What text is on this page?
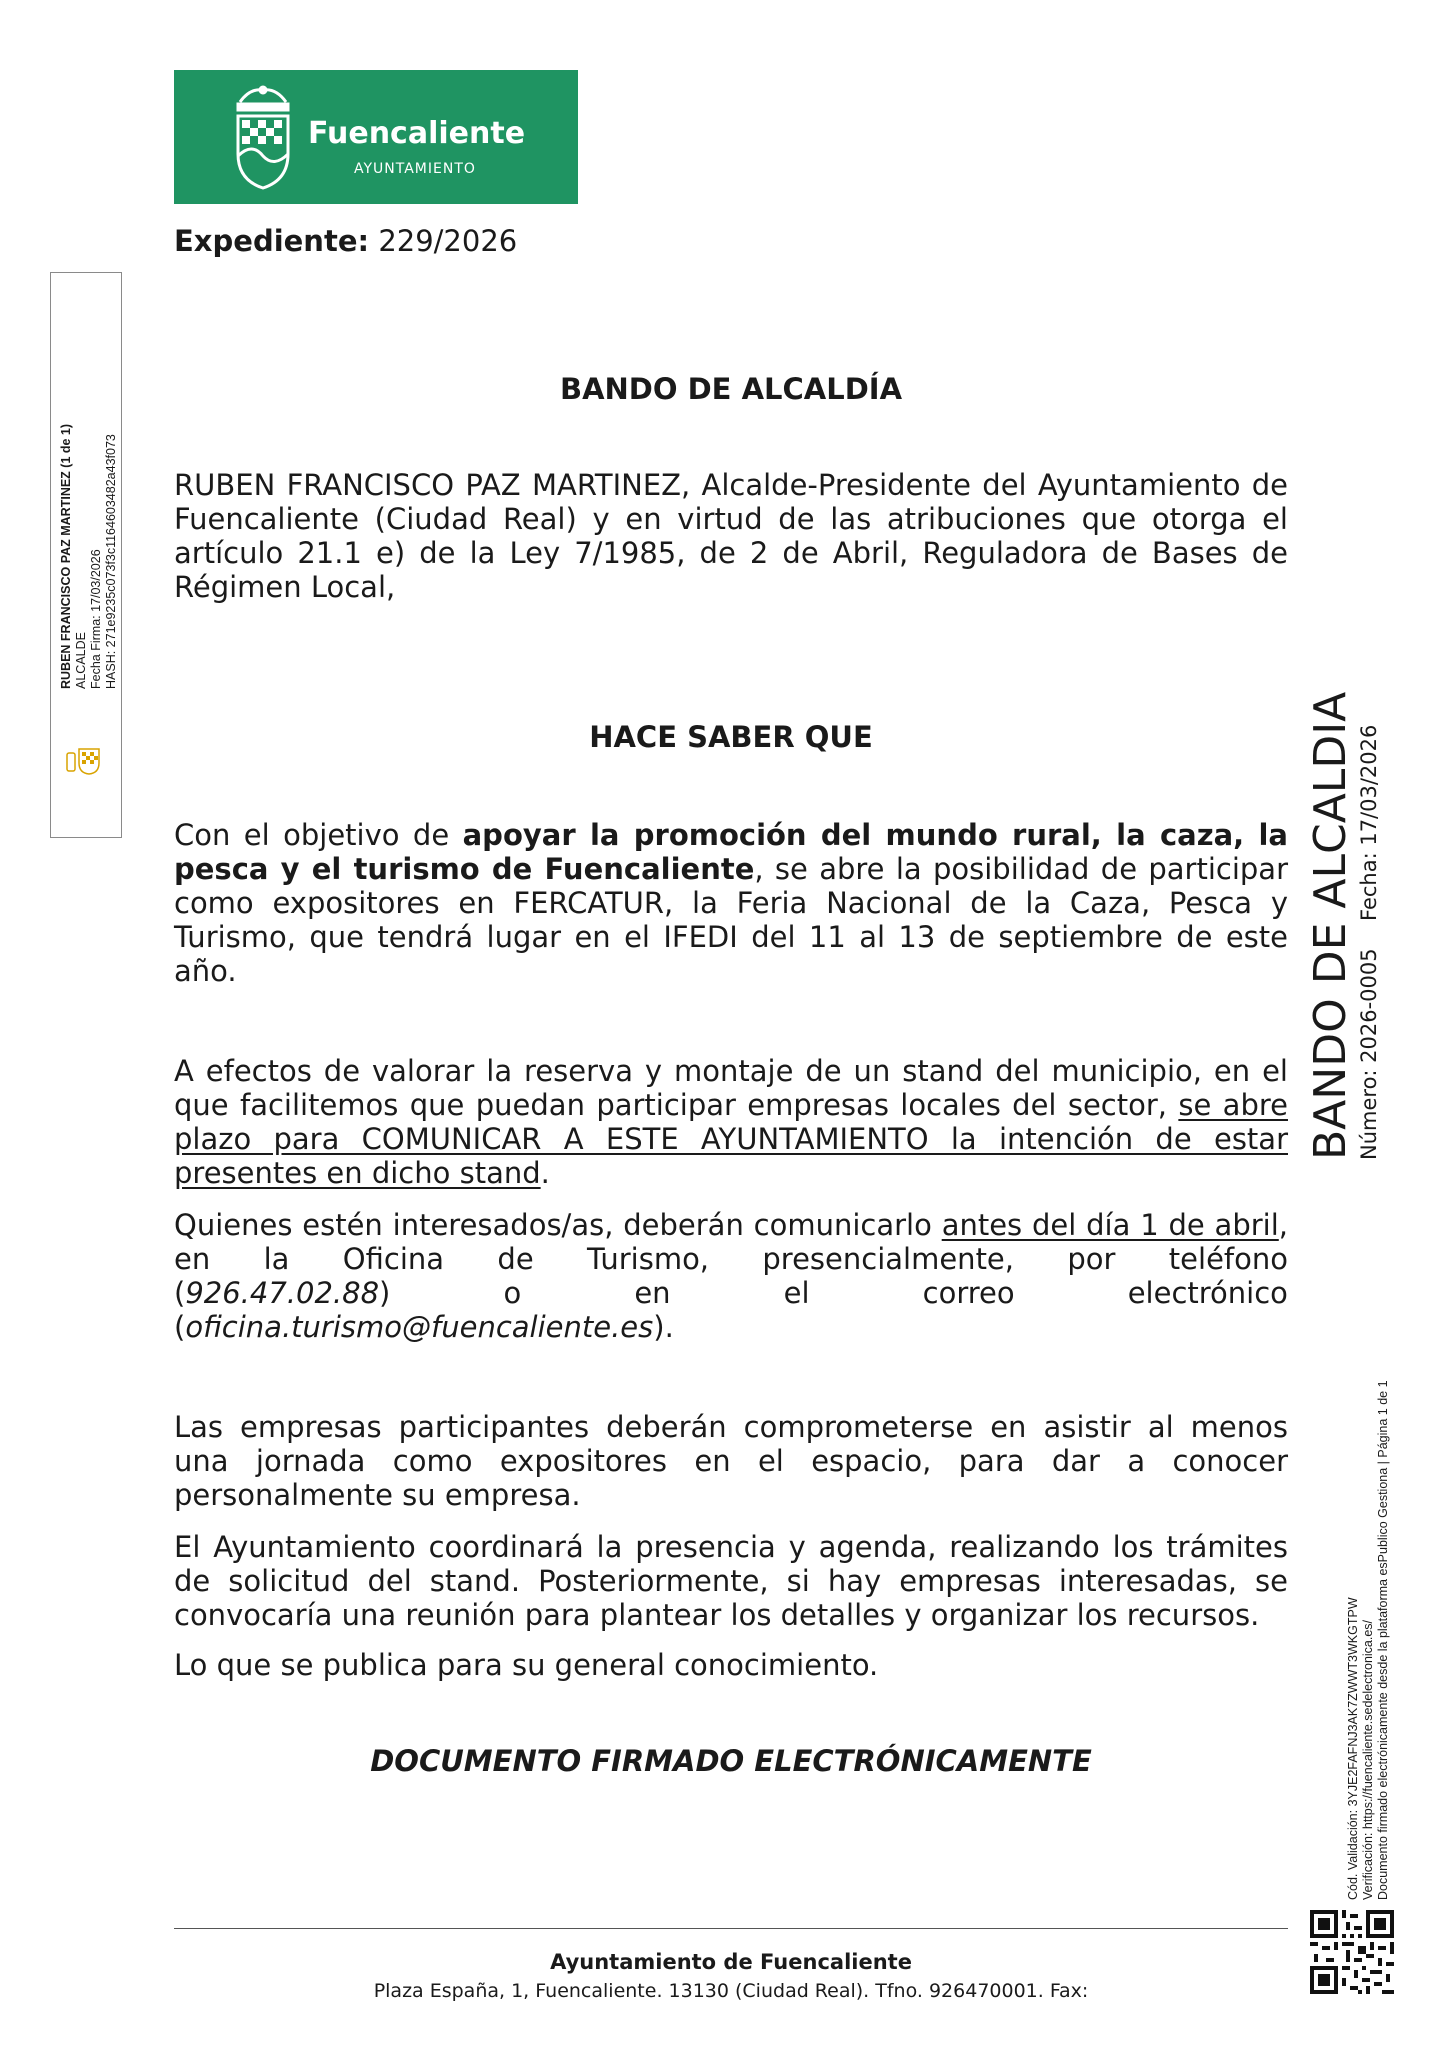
Fuencaliente
AYUNTAMIENTO
Expediente: 229/2026
BANDO DE ALCALDÍA
RUBEN FRANCISCO PAZ MARTINEZ, Alcalde-Presidente del Ayuntamiento de Fuencaliente (Ciudad Real) y en virtud de las atribuciones que otorga el artículo 21.1 e) de la Ley 7/1985, de 2 de Abril, Reguladora de Bases de Régimen Local,
HACE SABER QUE
Con el objetivo de apoyar la promoción del mundo rural, la caza, la pesca y el turismo de Fuencaliente, se abre la posibilidad de participar como expositores en FERCATUR, la Feria Nacional de la Caza, Pesca y Turismo, que tendrá lugar en el IFEDI del 11 al 13 de septiembre de este año.
A efectos de valorar la reserva y montaje de un stand del municipio, en el que facilitemos que puedan participar empresas locales del sector, se abre plazo para COMUNICAR A ESTE AYUNTAMIENTO la intención de estar presentes en dicho stand.
Quienes estén interesados/as, deberán comunicarlo antes del día 1 de abril, en la Oficina de Turismo, presencialmente, por teléfono
(926.47.02.88)	o	en	el	correo	electrónico
(oficina.turismo@fuencaliente.es).
Las empresas participantes deberán comprometerse en asistir al menos una jornada como expositores en el espacio, para dar a conocer personalmente su empresa.
El Ayuntamiento coordinará la presencia y agenda, realizando los trámites de solicitud del stand. Posteriormente, si hay empresas interesadas, se convocaría una reunión para plantear los detalles y organizar los recursos.
Lo que se publica para su general conocimiento.
DOCUMENTO FIRMADO ELECTRÓNICAMENTE
Ayuntamiento de Fuencaliente
Plaza España, 1, Fuencaliente. 13130 (Ciudad Real). Tfno. 926470001. Fax:
RUBEN FRANCISCO PAZ MARTINEZ (1 de 1) ALCALDE Fecha Firma: 17/03/2026 HASH: 271e9235c073f3c1164603482a43f073
BANDO DE ALCALDIA Número: 2026-0005  Fecha: 17/03/2026
Cód. Validación: 3YJE2FAFNJ3AK7ZWWT3WKGTPW Verificación: https://fuencaliente.sedelectronica.es/ Documento firmado electrónicamente desde la plataforma esPublico Gestiona | Página 1 de 1
